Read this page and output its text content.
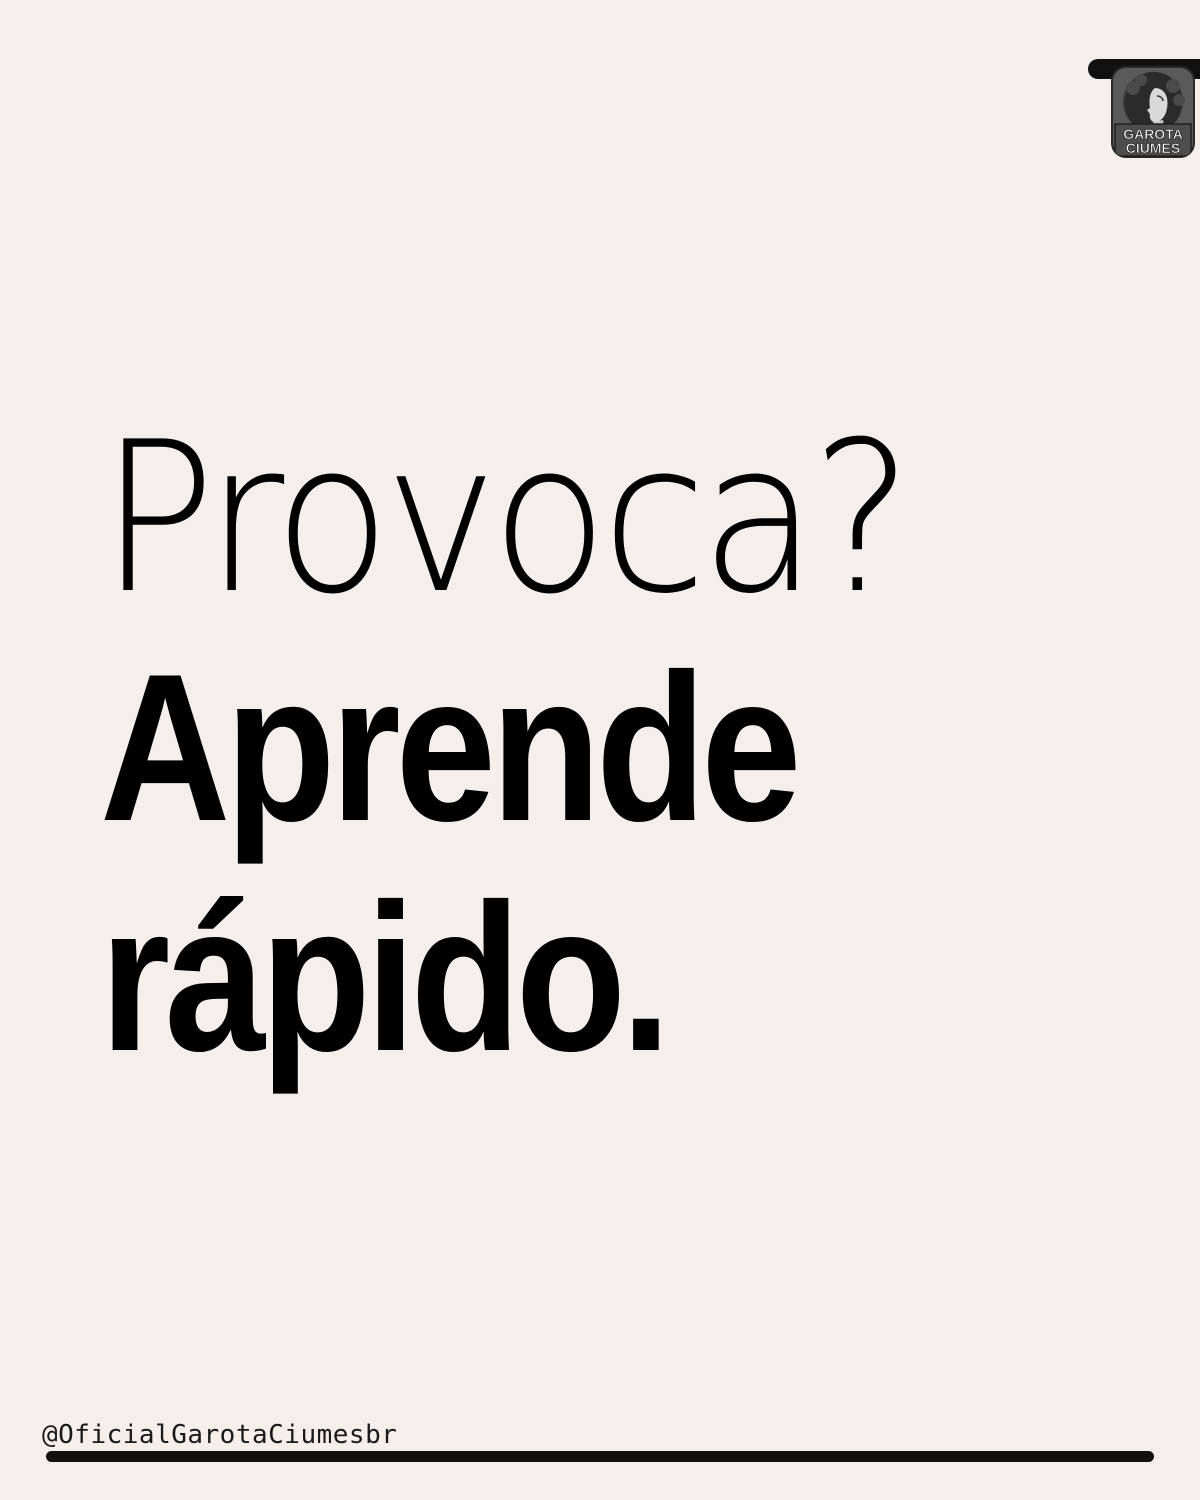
GAROTA
CIÚMES
Provoca?
Aprende
rápido.
@OficialGarotaCiumesbr
